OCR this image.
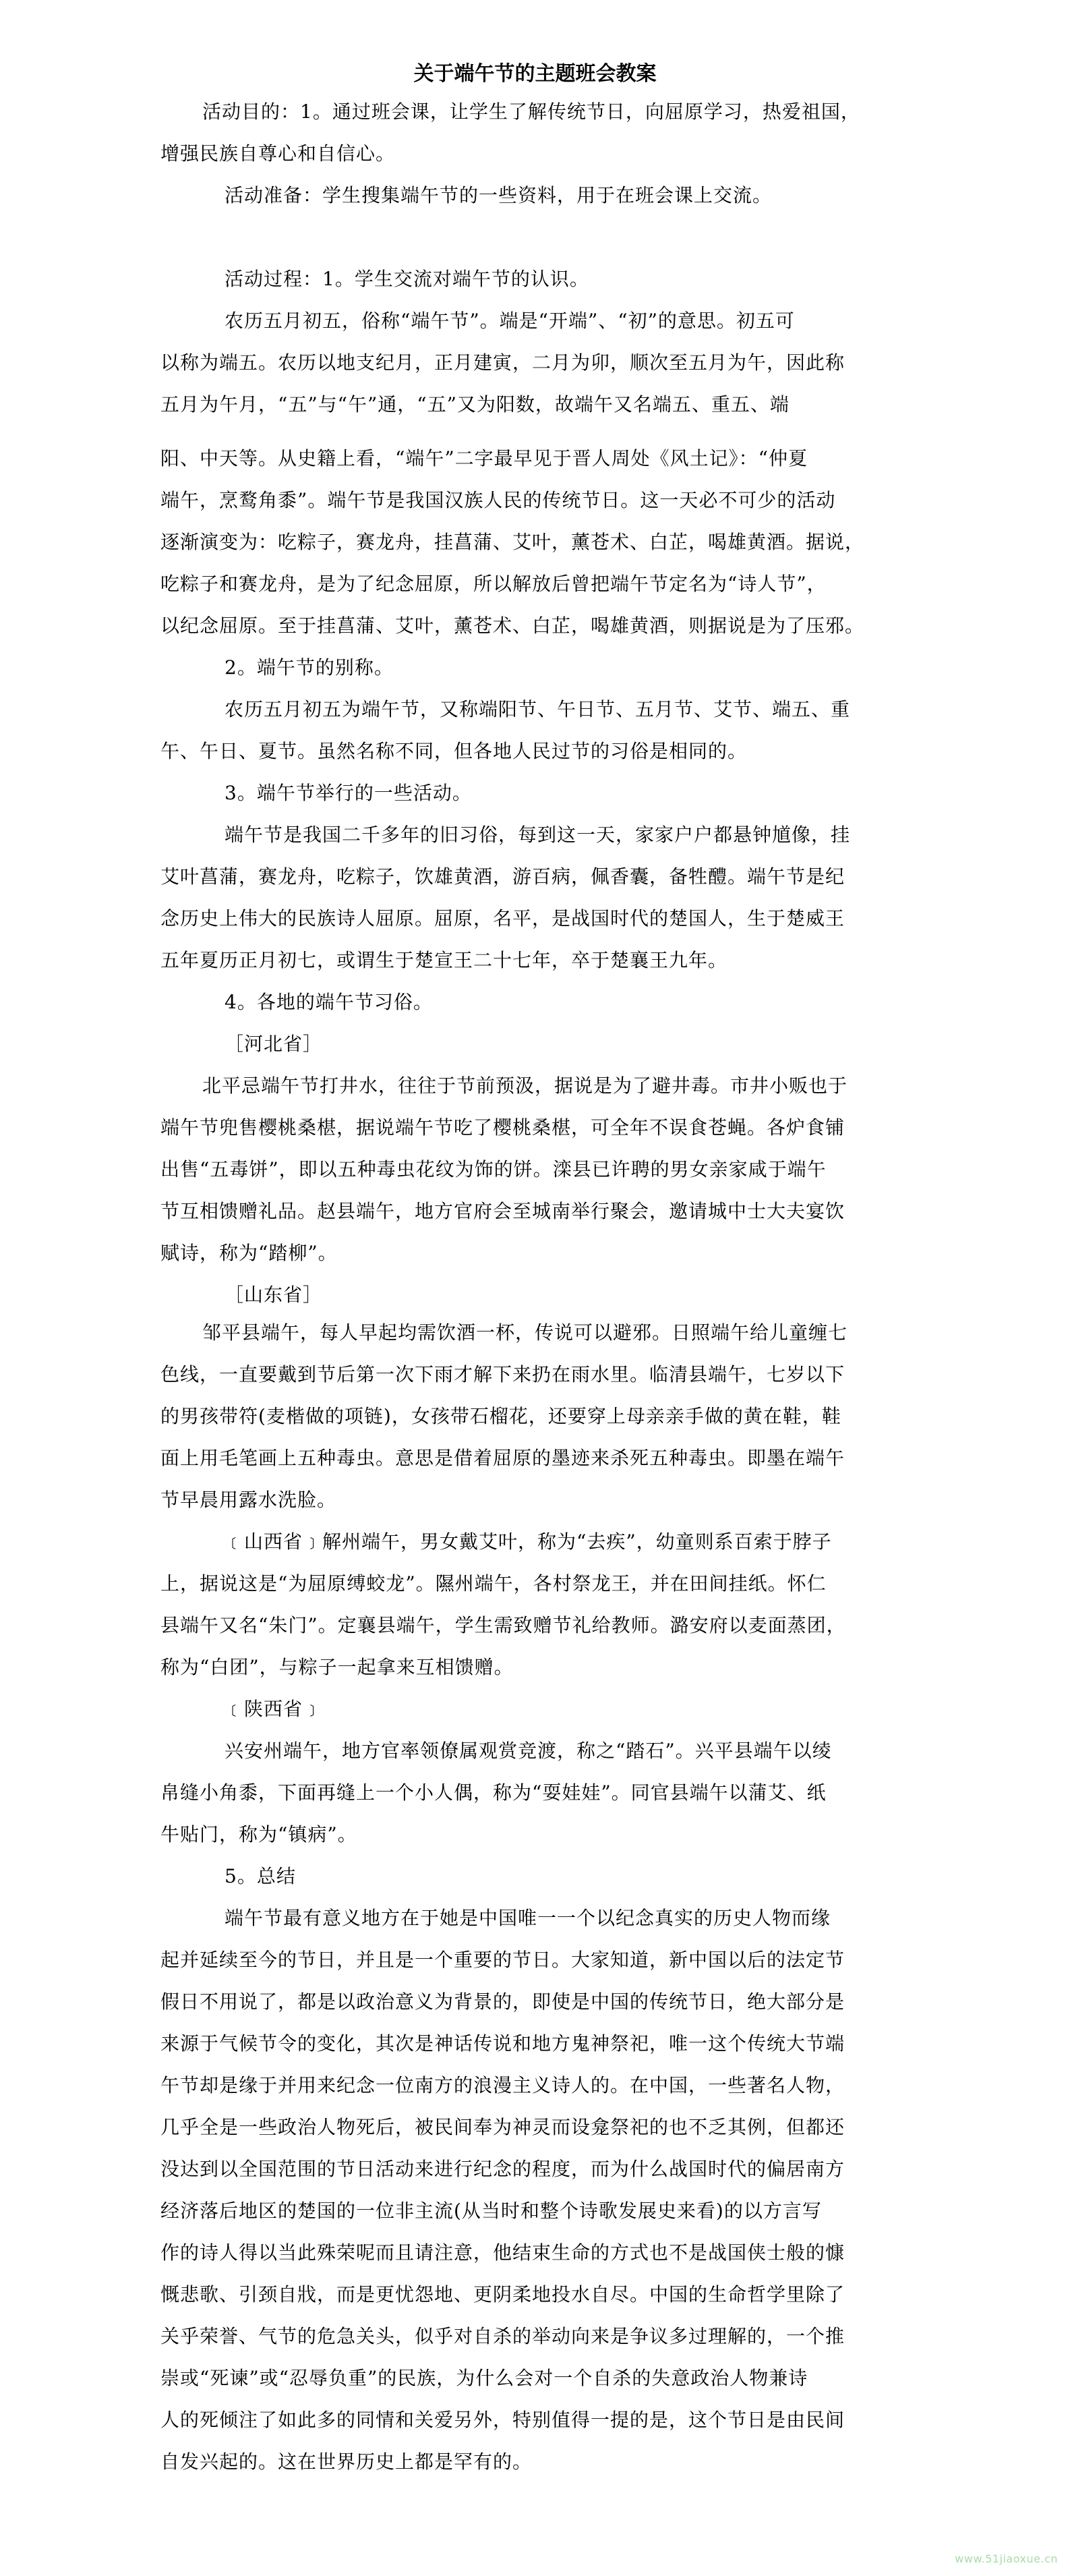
关于端午节的主题班会教案
活动目的：1。通过班会课，让学生了解传统节日，向屈原学习，热爱祖国，
增强民族自尊心和自信心。
活动准备：学生搜集端午节的一些资料，用于在班会课上交流。
活动过程：1。学生交流对端午节的认识。
农历五月初五，俗称“端午节”。端是“开端”、“初”的意思。初五可
以称为端五。农历以地支纪月，正月建寅，二月为卯，顺次至五月为午，因此称
五月为午月，“五”与“午”通，“五”又为阳数，故端午又名端五、重五、端
阳、中天等。从史籍上看，“端午”二字最早见于晋人周处《风土记》：“仲夏
端午，烹鹜角黍”。端午节是我国汉族人民的传统节日。这一天必不可少的活动
逐渐演变为：吃粽子，赛龙舟，挂菖蒲、艾叶，薰苍术、白芷，喝雄黄酒。据说，
吃粽子和赛龙舟，是为了纪念屈原，所以解放后曾把端午节定名为“诗人节”，
以纪念屈原。至于挂菖蒲、艾叶，薰苍术、白芷，喝雄黄酒，则据说是为了压邪。
2。端午节的别称。
农历五月初五为端午节，又称端阳节、午日节、五月节、艾节、端五、重
午、午日、夏节。虽然名称不同，但各地人民过节的习俗是相同的。
3。端午节举行的一些活动。
端午节是我国二千多年的旧习俗，每到这一天，家家户户都悬钟馗像，挂
艾叶菖蒲，赛龙舟，吃粽子，饮雄黄酒，游百病，佩香囊，备牲醴。端午节是纪
念历史上伟大的民族诗人屈原。屈原，名平，是战国时代的楚国人，生于楚威王
五年夏历正月初七，或谓生于楚宣王二十七年，卒于楚襄王九年。
4。各地的端午节习俗。
［河北省］
北平忌端午节打井水，往往于节前预汲，据说是为了避井毒。市井小贩也于
端午节兜售樱桃桑椹，据说端午节吃了樱桃桑椹，可全年不误食苍蝇。各炉食铺
出售“五毒饼”，即以五种毒虫花纹为饰的饼。滦县已许聘的男女亲家咸于端午
节互相馈赠礼品。赵县端午，地方官府会至城南举行聚会，邀请城中士大夫宴饮
赋诗，称为“踏柳”。
［山东省］
邹平县端午，每人早起均需饮酒一杯，传说可以避邪。日照端午给儿童缠七
色线，一直要戴到节后第一次下雨才解下来扔在雨水里。临清县端午，七岁以下
的男孩带符(麦楷做的项链)，女孩带石榴花，还要穿上母亲亲手做的黄在鞋，鞋
面上用毛笔画上五种毒虫。意思是借着屈原的墨迹来杀死五种毒虫。即墨在端午
节早晨用露水洗脸。
﹝山西省﹞解州端午，男女戴艾叶，称为“去疾”，幼童则系百索于脖子
上，据说这是“为屈原缚蛟龙”。隰州端午，各村祭龙王，并在田间挂纸。怀仁
县端午又名“朱门”。定襄县端午，学生需致赠节礼给教师。潞安府以麦面蒸团，
称为“白团”，与粽子一起拿来互相馈赠。
﹝陕西省﹞
兴安州端午，地方官率领僚属观赏竞渡，称之“踏石”。兴平县端午以绫
帛缝小角黍，下面再缝上一个小人偶，称为“耍娃娃”。同官县端午以蒲艾、纸
牛贴门，称为“镇病”。
5。总结
端午节最有意义地方在于她是中国唯一一个以纪念真实的历史人物而缘
起并延续至今的节日，并且是一个重要的节日。大家知道，新中国以后的法定节
假日不用说了，都是以政治意义为背景的，即使是中国的传统节日，绝大部分是
来源于气候节令的变化，其次是神话传说和地方鬼神祭祀，唯一这个传统大节端
午节却是缘于并用来纪念一位南方的浪漫主义诗人的。在中国，一些著名人物，
几乎全是一些政治人物死后，被民间奉为神灵而设龛祭祀的也不乏其例，但都还
没达到以全国范围的节日活动来进行纪念的程度，而为什么战国时代的偏居南方
经济落后地区的楚国的一位非主流(从当时和整个诗歌发展史来看)的以方言写
作的诗人得以当此殊荣呢而且请注意，他结束生命的方式也不是战国侠士般的慷
慨悲歌、引颈自戕，而是更忧怨地、更阴柔地投水自尽。中国的生命哲学里除了
关乎荣誉、气节的危急关头，似乎对自杀的举动向来是争议多过理解的，一个推
崇或“死谏”或“忍辱负重”的民族，为什么会对一个自杀的失意政治人物兼诗
人的死倾注了如此多的同情和关爱另外，特别值得一提的是，这个节日是由民间
自发兴起的。这在世界历史上都是罕有的。
www.51jiaoxue.cn
